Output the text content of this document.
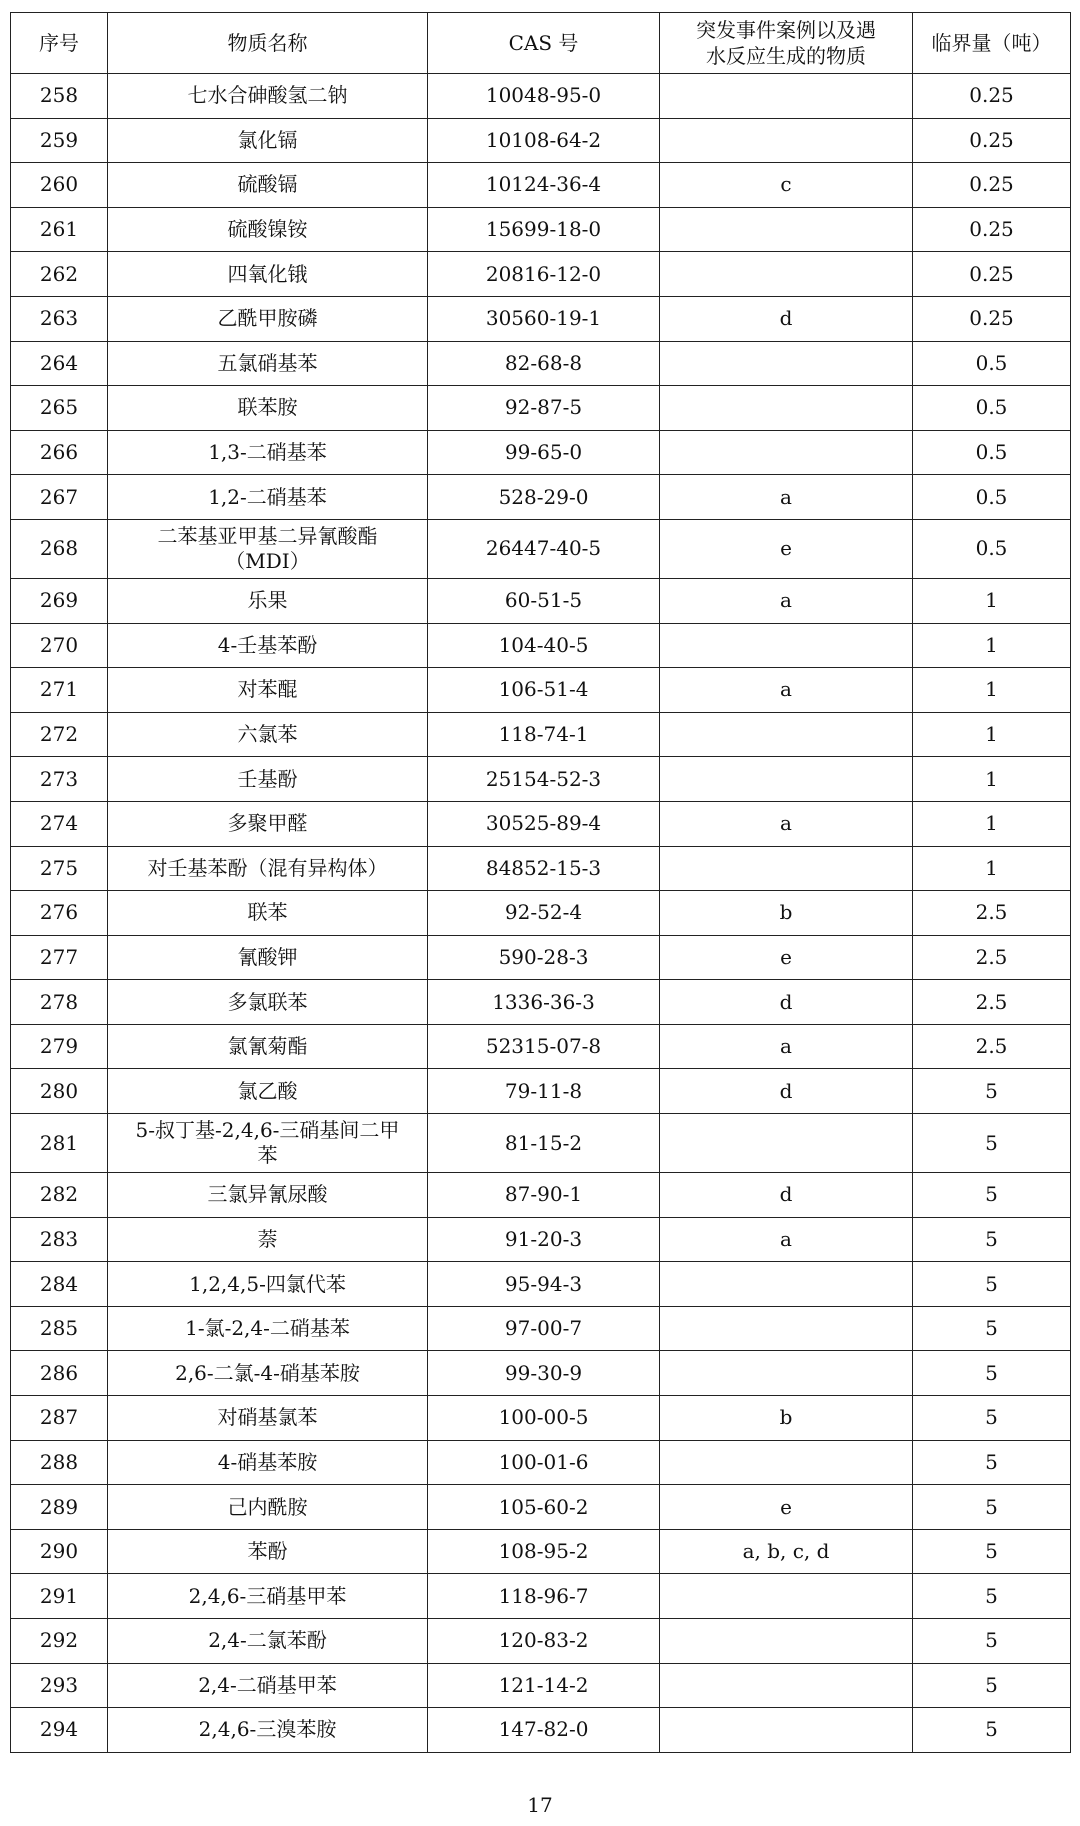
序号	物质名称	CAS 号	突发事件案例以及遇
水反应生成的物质	临界量（吨）
258	七水合砷酸氢二钠	10048-95-0		0.25
259	氯化镉	10108-64-2		0.25
260	硫酸镉	10124-36-4	c	0.25
261	硫酸镍铵	15699-18-0		0.25
262	四氧化锇	20816-12-0		0.25
263	乙酰甲胺磷	30560-19-1	d	0.25
264	五氯硝基苯	82-68-8		0.5
265	联苯胺	92-87-5		0.5
266	1,3-二硝基苯	99-65-0		0.5
267	1,2-二硝基苯	528-29-0	a	0.5
268	二苯基亚甲基二异氰酸酯
（MDI）	26447-40-5	e	0.5
269	乐果	60-51-5	a	1
270	4-壬基苯酚	104-40-5		1
271	对苯醌	106-51-4	a	1
272	六氯苯	118-74-1		1
273	壬基酚	25154-52-3		1
274	多聚甲醛	30525-89-4	a	1
275	对壬基苯酚（混有异构体）	84852-15-3		1
276	联苯	92-52-4	b	2.5
277	氰酸钾	590-28-3	e	2.5
278	多氯联苯	1336-36-3	d	2.5
279	氯氰菊酯	52315-07-8	a	2.5
280	氯乙酸	79-11-8	d	5
281	5-叔丁基-2,4,6-三硝基间二甲
苯	81-15-2		5
282	三氯异氰尿酸	87-90-1	d	5
283	萘	91-20-3	a	5
284	1,2,4,5-四氯代苯	95-94-3		5
285	1-氯-2,4-二硝基苯	97-00-7		5
286	2,6-二氯-4-硝基苯胺	99-30-9		5
287	对硝基氯苯	100-00-5	b	5
288	4-硝基苯胺	100-01-6		5
289	己内酰胺	105-60-2	e	5
290	苯酚	108-95-2	a, b, c, d	5
291	2,4,6-三硝基甲苯	118-96-7		5
292	2,4-二氯苯酚	120-83-2		5
293	2,4-二硝基甲苯	121-14-2		5
294	2,4,6-三溴苯胺	147-82-0		5
17
